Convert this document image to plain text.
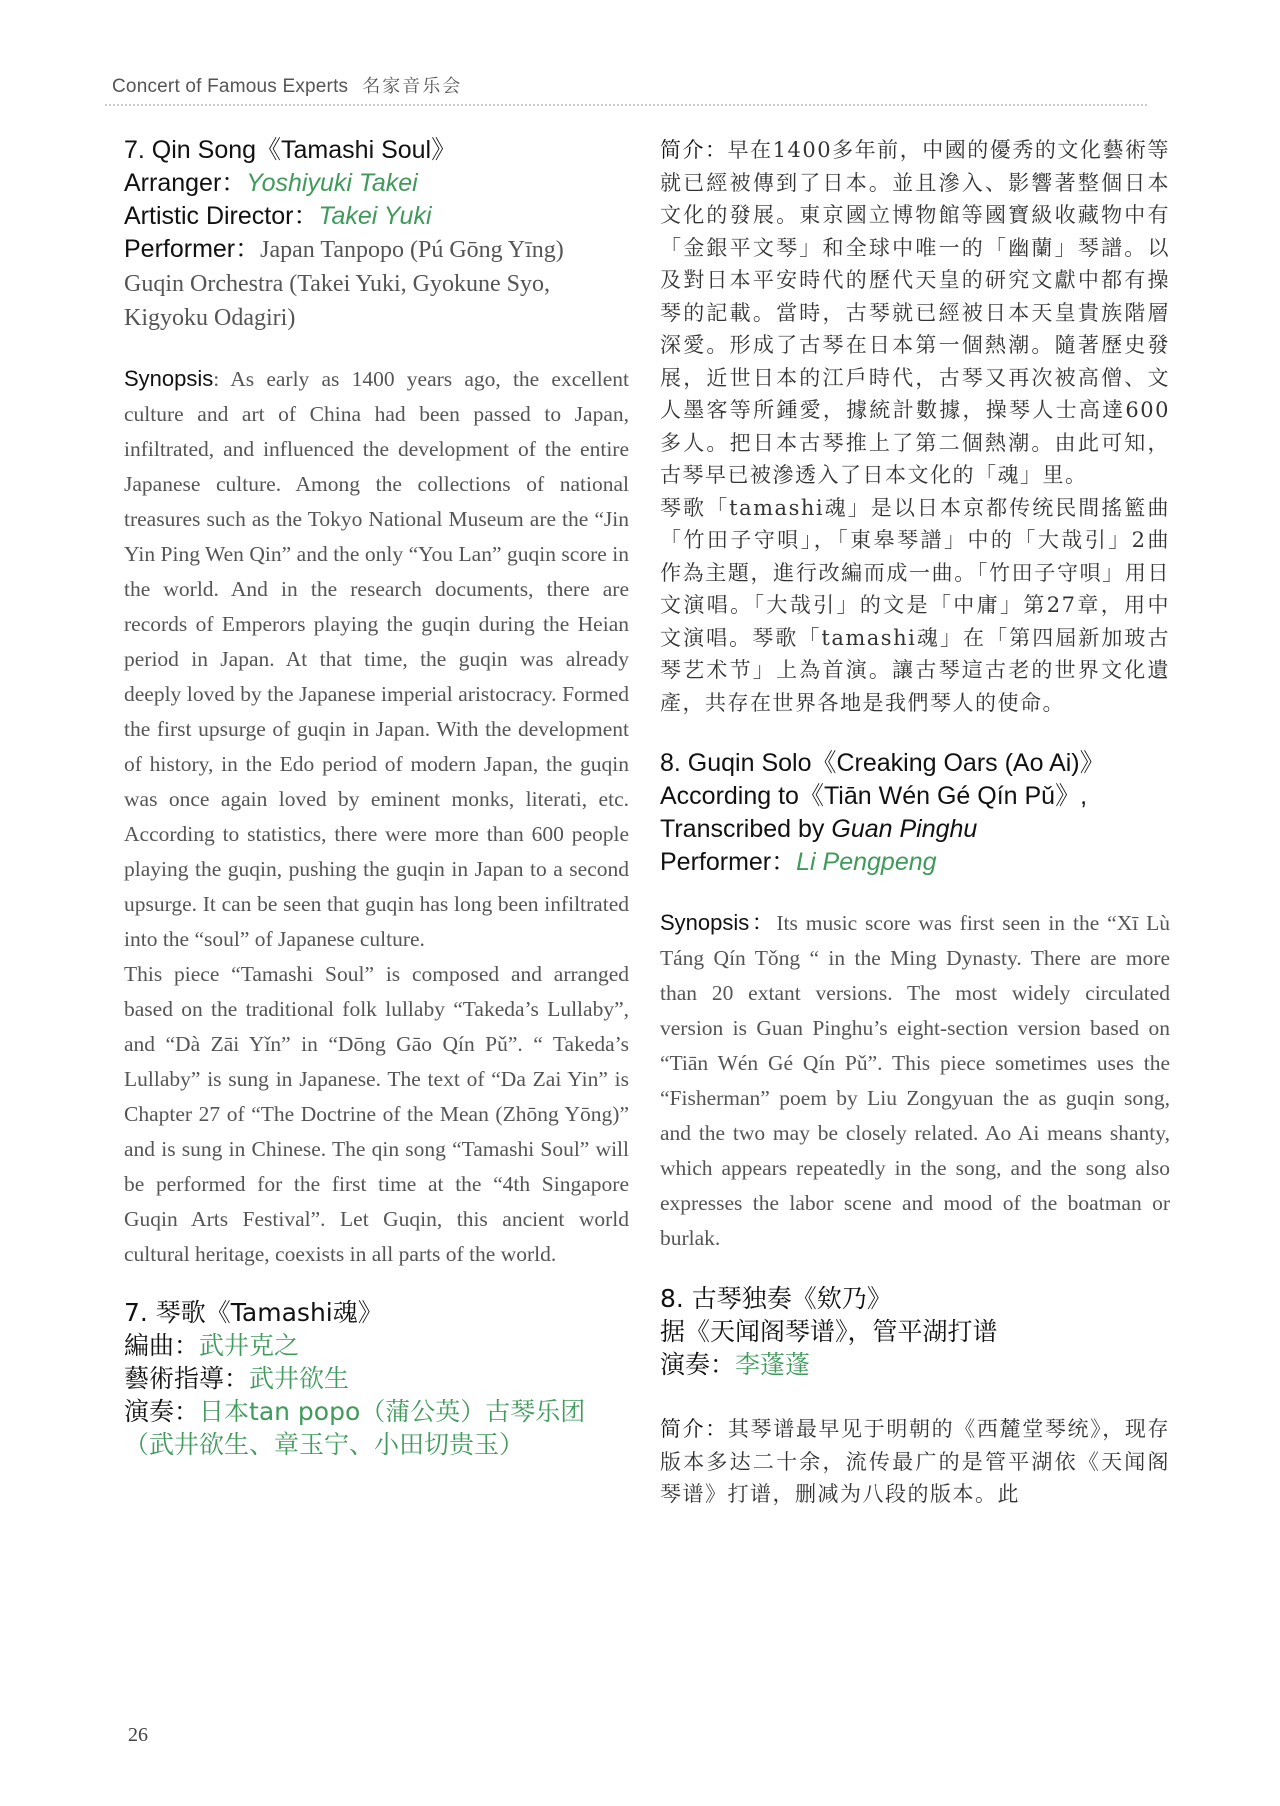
Concert of Famous Experts 名家音乐会
7. Qin Song《Tamashi Soul》
Arranger：Yoshiyuki Takei
Artistic Director：Takei Yuki
Performer：Japan Tanpopo (Pú Gōng Yīng) Guqin Orchestra (Takei Yuki, Gyokune Syo, Kigyoku Odagiri)

Synopsis: As early as 1400 years ago, the excellent culture and art of China had been passed to Japan, infiltrated, and influenced the development of the entire Japanese culture. Among the collections of national treasures such as the Tokyo National Museum are the “Jin Yin Ping Wen Qin” and the only “You Lan” guqin score in the world. And in the research documents, there are records of Emperors playing the guqin during the Heian period in Japan. At that time, the guqin was already deeply loved by the Japanese imperial aristocracy. Formed the first upsurge of guqin in Japan. With the development of history, in the Edo period of modern Japan, the guqin was once again loved by eminent monks, literati, etc. According to statistics, there were more than 600 people playing the guqin, pushing the guqin in Japan to a second upsurge. It can be seen that guqin has long been infiltrated into the “soul” of Japanese culture.

This piece “Tamashi Soul” is composed and arranged based on the traditional folk lullaby “Takeda’s Lullaby”, and “Dà Zāi Yǐn” in “Dōng Gāo Qín Pǔ”. “ Takeda’s Lullaby” is sung in Japanese. The text of “Da Zai Yin” is Chapter 27 of “The Doctrine of the Mean (Zhōng Yōng)” and is sung in Chinese. The qin song “Tamashi Soul” will be performed for the first time at the “4th Singapore Guqin Arts Festival”. Let Guqin, this ancient world cultural heritage, coexists in all parts of the world.

7. 琴歌《Tamashi魂》
編曲：武井克之
藝術指導：武井欲生
演奏：日本tan popo（蒲公英）古琴乐团（武井欲生、章玉宁、小田切贵玉）

简介：早在1400多年前，中國的優秀的文化藝術等就已經被傳到了日本。並且滲入、影響著整個日本文化的發展。東京國立博物館等國寶級收藏物中有「金銀平文琴」和全球中唯一的「幽蘭」琴譜。以及對日本平安時代的歷代天皇的研究文獻中都有操琴的記載。當時，古琴就已經被日本天皇貴族階層深愛。形成了古琴在日本第一個熱潮。隨著歷史發展，近世日本的江戶時代，古琴又再次被高僧、文人墨客等所鍾愛，據統計數據，操琴人士高達600多人。把日本古琴推上了第二個熱潮。由此可知，古琴早已被滲透入了日本文化的「魂」里。

琴歌「tamashi魂」是以日本京都传统民間搖籃曲「竹田子守唄」，「東皋琴譜」中的「大哉引」2曲作為主題，進行改編而成一曲。「竹田子守唄」用日文演唱。「大哉引」的文是「中庸」第27章，用中文演唱。琴歌「tamashi魂」在「第四屆新加玻古琴艺术节」上為首演。讓古琴這古老的世界文化遺產，共存在世界各地是我們琴人的使命。

8. Guqin Solo《Creaking Oars (Ao Ai)》
According to《Tiān Wén Gé Qín Pǔ》,
Transcribed by Guan Pinghu
Performer：Li Pengpeng

Synopsis：Its music score was first seen in the “Xī Lù Táng Qín Tǒng “ in the Ming Dynasty. There are more than 20 extant versions. The most widely circulated version is Guan Pinghu’s eight-section version based on “Tiān Wén Gé Qín Pǔ”. This piece sometimes uses the “Fisherman” poem by Liu Zongyuan the as guqin song, and the two may be closely related. Ao Ai means shanty, which appears repeatedly in the song, and the song also expresses the labor scene and mood of the boatman or burlak.

8. 古琴独奏《欸乃》
据《天闻阁琴谱》，管平湖打谱
演奏：李蓬蓬

简介：其琴谱最早见于明朝的《西麓堂琴统》，现存版本多达二十余，流传最广的是管平湖依《天闻阁琴谱》打谱，删减为八段的版本。此

26
